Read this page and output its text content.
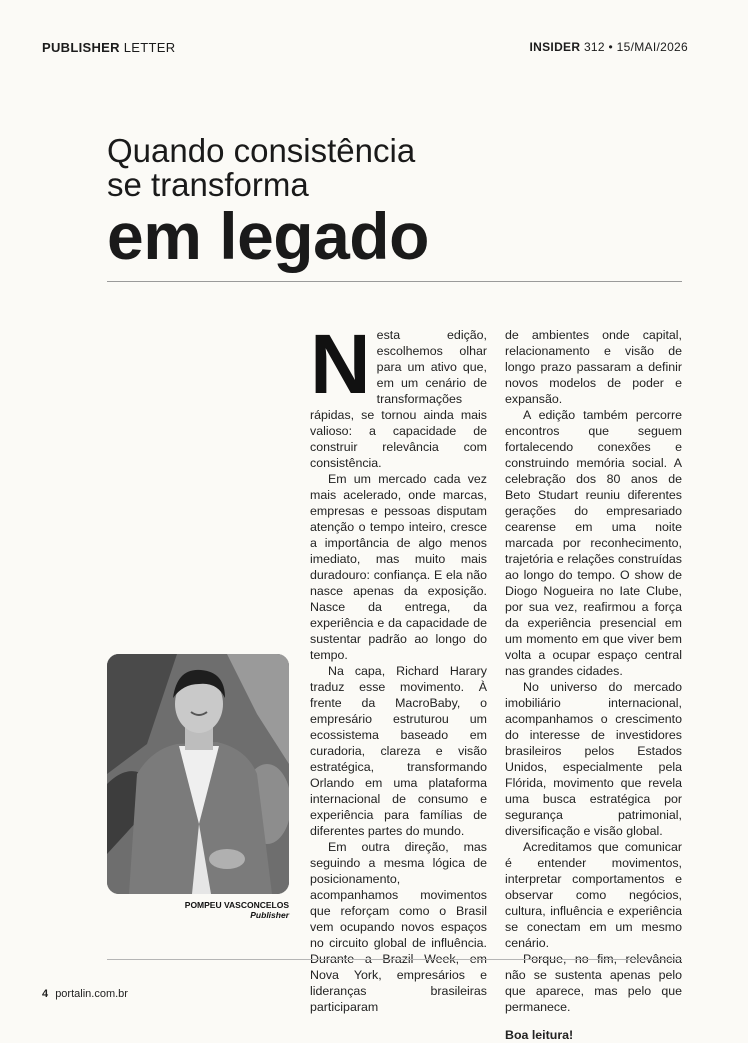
PUBLISHER LETTER	INSIDER 312 • 15/MAI/2026
Quando consistência
se transforma
em legado

Nesta edição, escolhemos olhar para um ativo que, em um cenário de transformações rápidas, se tornou ainda mais valioso: a capacidade de construir relevância com consistência.

Em um mercado cada vez mais acelerado, onde marcas, empresas e pessoas disputam atenção o tempo inteiro, cresce a importância de algo menos imediato, mas muito mais duradouro: confiança. E ela não nasce apenas da exposição. Nasce da entrega, da experiência e da capacidade de sustentar padrão ao longo do tempo.

Na capa, Richard Harary traduz esse movimento. À frente da MacroBaby, o empresário estruturou um ecossistema baseado em curadoria, clareza e visão estratégica, transformando Orlando em uma plataforma internacional de consumo e experiência para famílias de diferentes partes do mundo.

Em outra direção, mas seguindo a mesma lógica de posicionamento, acompanhamos movimentos que reforçam como o Brasil vem ocupando novos espaços no circuito global de influência. Durante a Brazil Week, em Nova York, empresários e lideranças brasileiras participaram

de ambientes onde capital, relacionamento e visão de longo prazo passaram a definir novos modelos de poder e expansão.

A edição também percorre encontros que seguem fortalecendo conexões e construindo memória social. A celebração dos 80 anos de Beto Studart reuniu diferentes gerações do empresariado cearense em uma noite marcada por reconhecimento, trajetória e relações construídas ao longo do tempo. O show de Diogo Nogueira no Iate Clube, por sua vez, reafirmou a força da experiência presencial em um momento em que viver bem volta a ocupar espaço central nas grandes cidades.

No universo do mercado imobiliário internacional, acompanhamos o crescimento do interesse de investidores brasileiros pelos Estados Unidos, especialmente pela Flórida, movimento que revela uma busca estratégica por segurança patrimonial, diversificação e visão global.

Acreditamos que comunicar é entender movimentos, interpretar comportamentos e observar como negócios, cultura, influência e experiência se conectam em um mesmo cenário.

Porque, no fim, relevância não se sustenta apenas pelo que aparece, mas pelo que permanece.

Boa leitura!

POMPEU VASCONCELOS
Publisher
4 portalin.com.br
